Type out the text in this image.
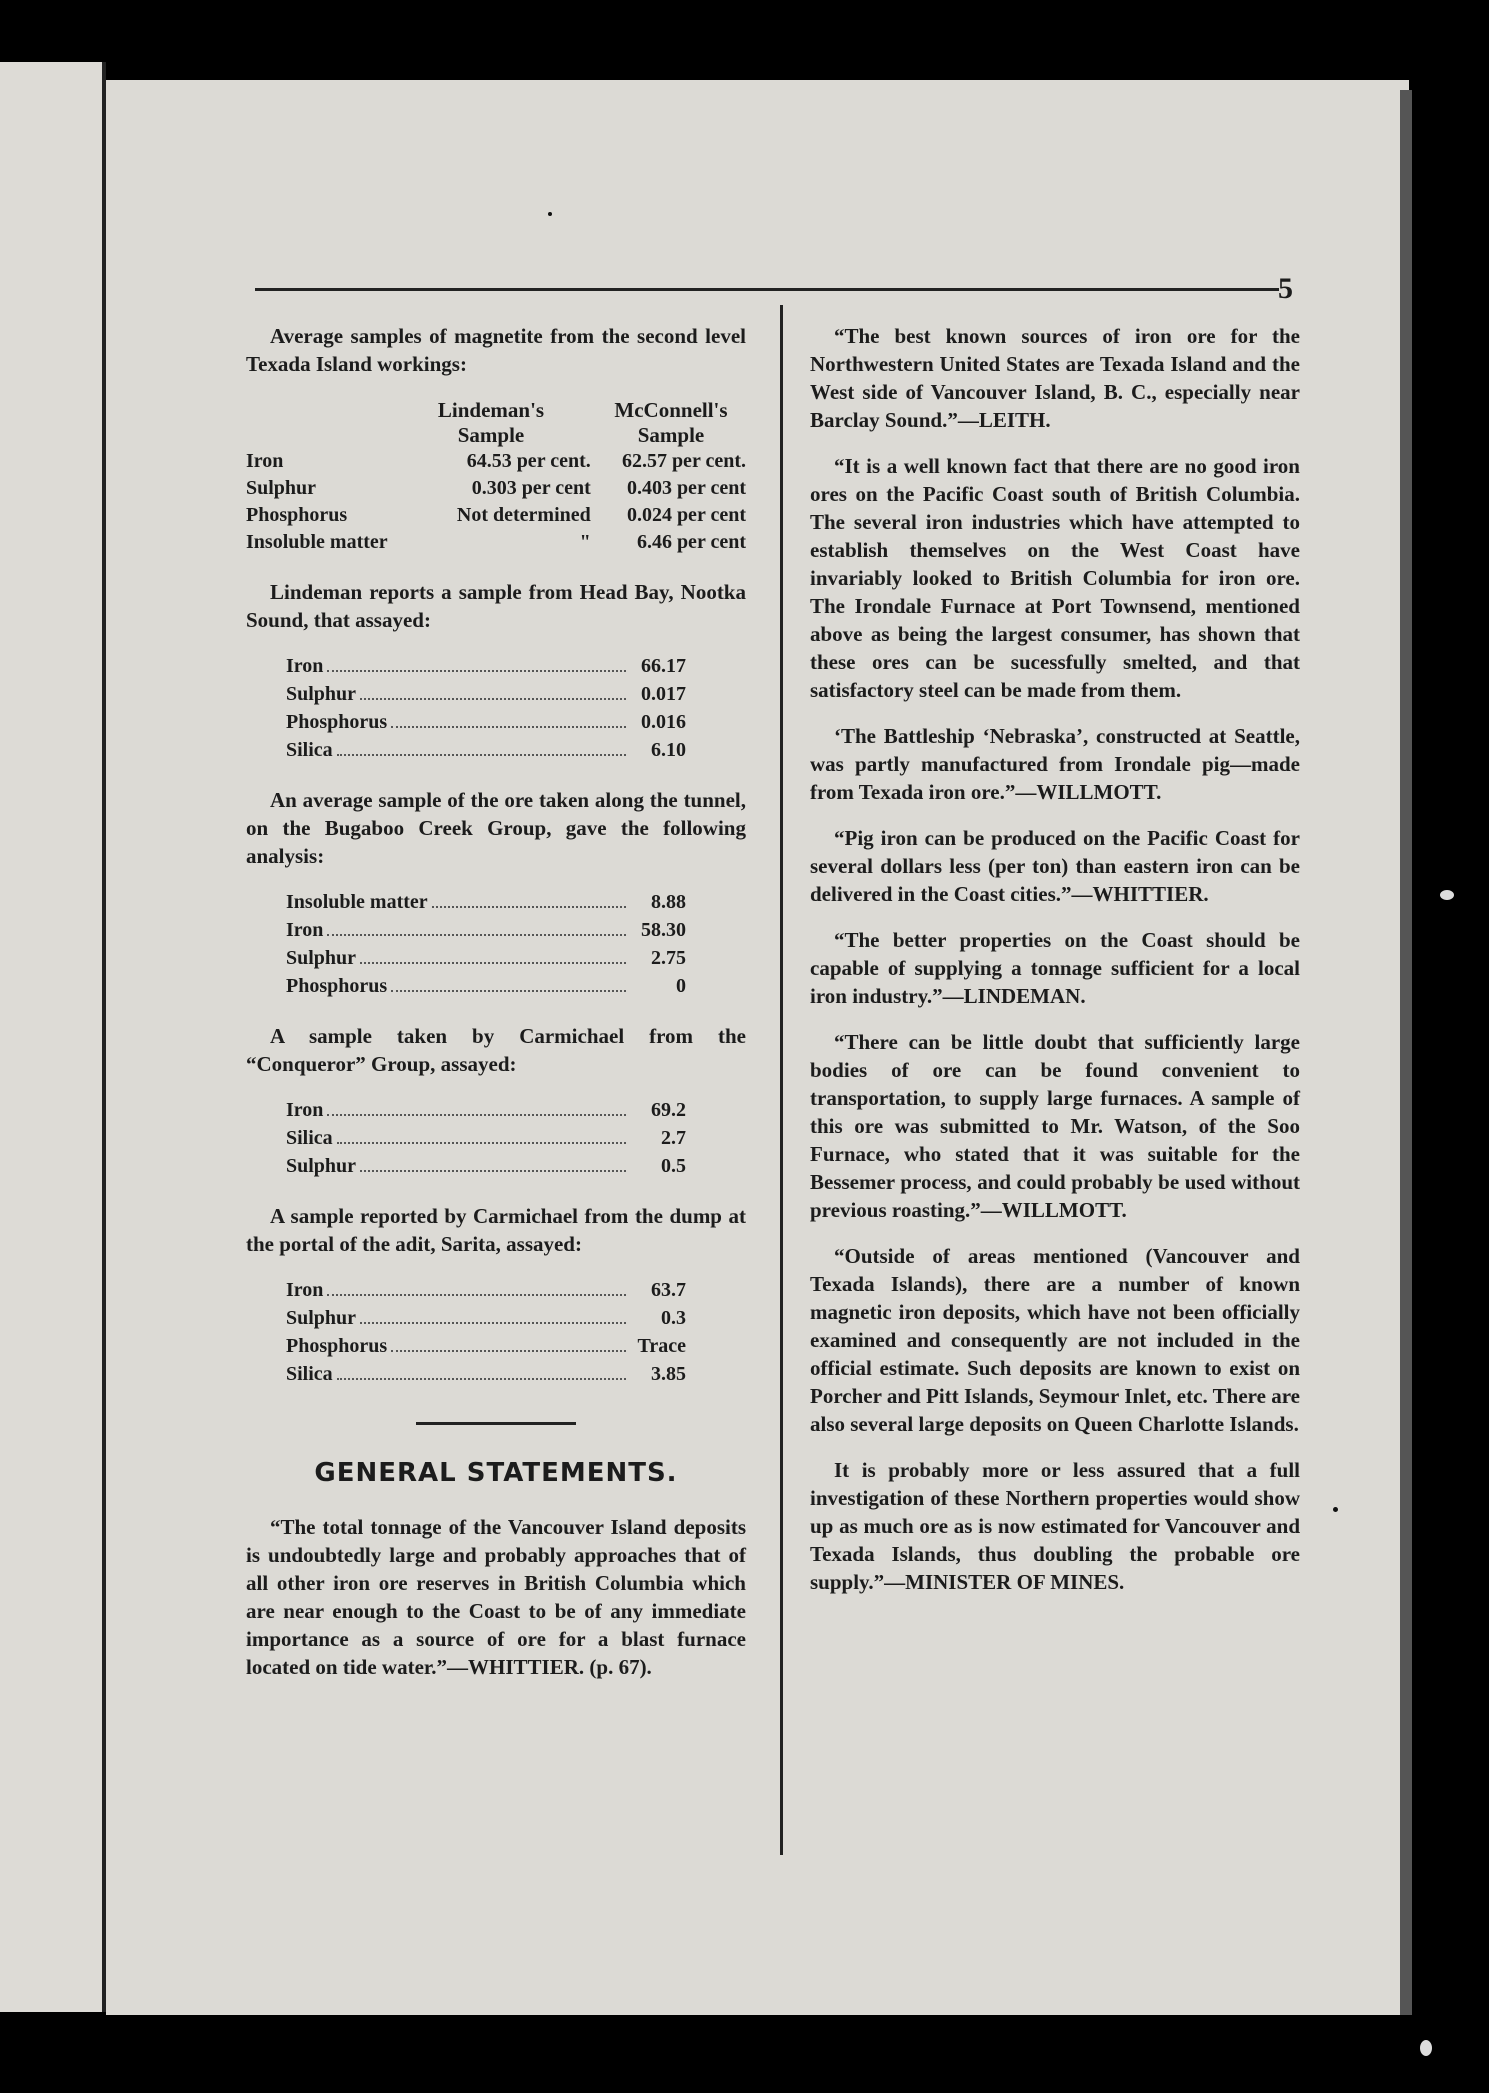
5

Average samples of magnetite from the second level Texada Island workings:

Lindeman's Sample
McConnell's Sample
Iron	64.53 per cent.	62.57 per cent.
Sulphur	0.303 per cent	0.403 per cent
Phosphorus	Not determined	0.024 per cent
Insoluble matter	"	6.46 per cent

Lindeman reports a sample from Head Bay, Nootka Sound, that assayed:

Iron	66.17
Sulphur	0.017
Phosphorus	0.016
Silica	6.10

An average sample of the ore taken along the tunnel, on the Bugaboo Creek Group, gave the following analysis:

Insoluble matter	8.88
Iron	58.30
Sulphur	2.75
Phosphorus	0

A sample taken by Carmichael from the “Conqueror” Group, assayed:

Iron	69.2
Silica	2.7
Sulphur	0.5

A sample reported by Carmichael from the dump at the portal of the adit, Sarita, assayed:

Iron	63.7
Sulphur	0.3
Phosphorus	Trace
Silica	3.85
GENERAL STATEMENTS.

“The total tonnage of the Vancouver Island deposits is undoubtedly large and probably approaches that of all other iron ore reserves in British Columbia which are near enough to the Coast to be of any immediate importance as a source of ore for a blast furnace located on tide water.”—WHITTIER. (p. 67).

“The best known sources of iron ore for the Northwestern United States are Texada Island and the West side of Vancouver Island, B. C., especially near Barclay Sound.”—LEITH.

“It is a well known fact that there are no good iron ores on the Pacific Coast south of British Columbia. The several iron industries which have attempted to establish themselves on the West Coast have invariably looked to British Columbia for iron ore. The Irondale Furnace at Port Townsend, mentioned above as being the largest consumer, has shown that these ores can be sucessfully smelted, and that satisfactory steel can be made from them.

‘The Battleship ‘Nebraska’, constructed at Seattle, was partly manufactured from Irondale pig—made from Texada iron ore.”—WILLMOTT.

“Pig iron can be produced on the Pacific Coast for several dollars less (per ton) than eastern iron can be delivered in the Coast cities.”—WHITTIER.

“The better properties on the Coast should be capable of supplying a tonnage sufficient for a local iron industry.”—LINDEMAN.

“There can be little doubt that sufficiently large bodies of ore can be found convenient to transportation, to supply large furnaces. A sample of this ore was submitted to Mr. Watson, of the Soo Furnace, who stated that it was suitable for the Bessemer process, and could probably be used without previous roasting.”—WILLMOTT.

“Outside of areas mentioned (Vancouver and Texada Islands), there are a number of known magnetic iron deposits, which have not been officially examined and consequently are not included in the official estimate. Such deposits are known to exist on Porcher and Pitt Islands, Seymour Inlet, etc. There are also several large deposits on Queen Charlotte Islands.

It is probably more or less assured that a full investigation of these Northern properties would show up as much ore as is now estimated for Vancouver and Texada Islands, thus doubling the probable ore supply.”—MINISTER OF MINES.
